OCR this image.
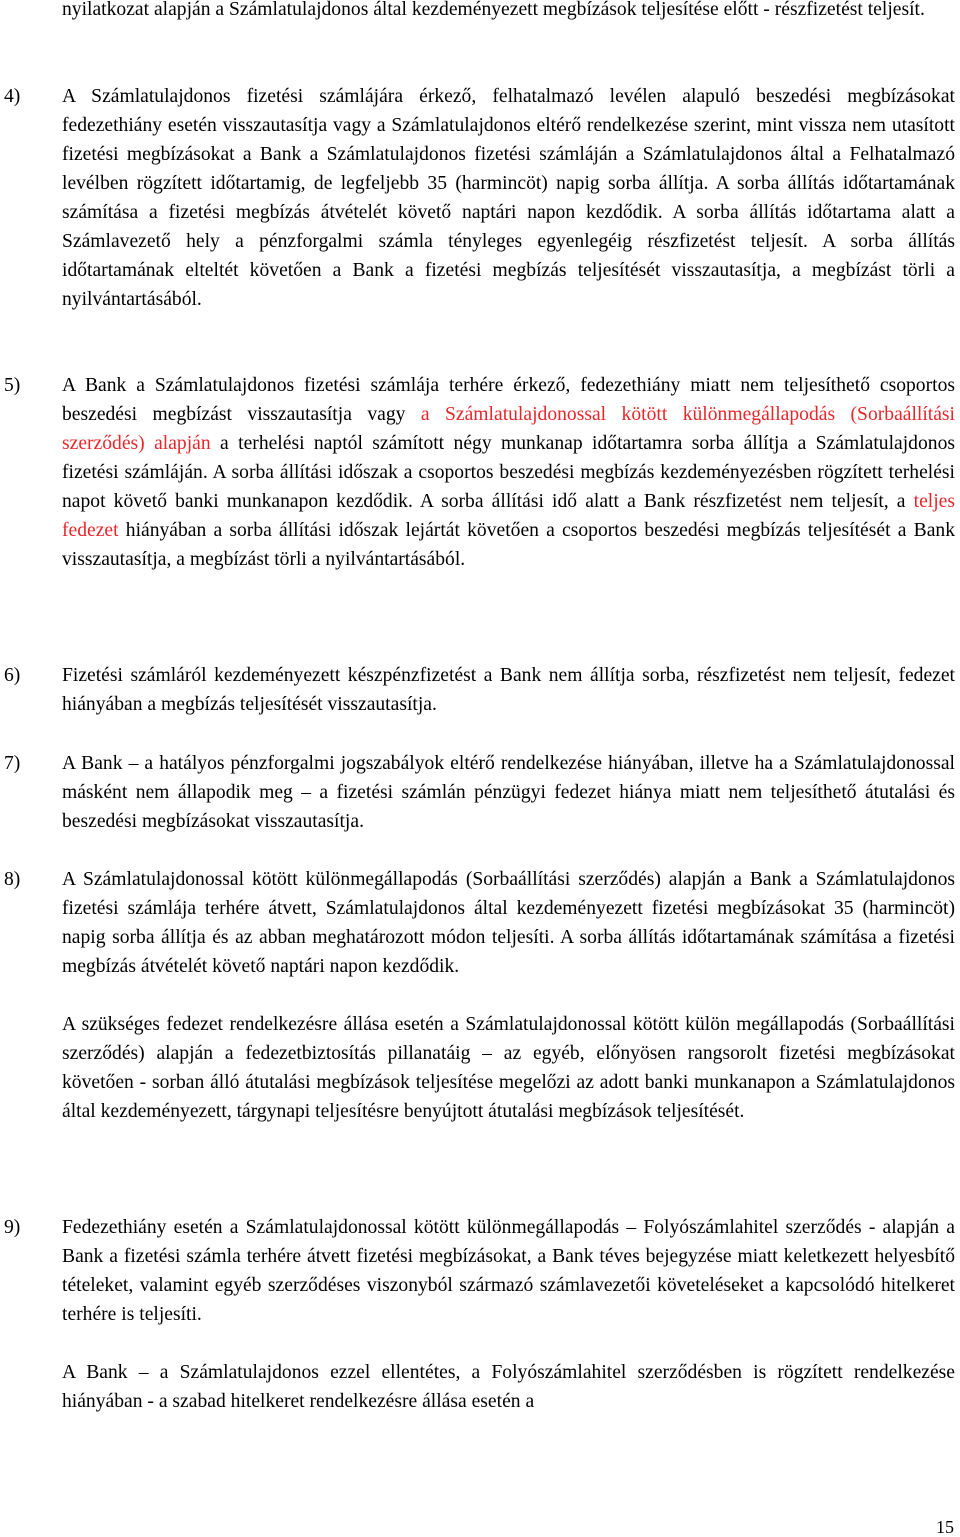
nyilatkozat alapján a Számlatulajdonos által kezdeményezett megbízások teljesítése előtt - részfizetést teljesít.

4)	A Számlatulajdonos fizetési számlájára érkező, felhatalmazó levélen alapuló beszedési megbízásokat fedezethiány esetén visszautasítja vagy a Számlatulajdonos eltérő rendelkezése szerint, mint vissza nem utasított fizetési megbízásokat a Bank a Számlatulajdonos fizetési számláján a Számlatulajdonos által a Felhatalmazó levélben rögzített időtartamig, de legfeljebb 35 (harmincöt) napig sorba állítja. A sorba állítás időtartamának számítása a fizetési megbízás átvételét követő naptári napon kezdődik. A sorba állítás időtartama alatt a Számlavezető hely a pénzforgalmi számla tényleges egyenlegéig részfizetést teljesít. A sorba állítás időtartamának elteltét követően a Bank a fizetési megbízás teljesítését visszautasítja, a megbízást törli a nyilvántartásából.

5)	A Bank a Számlatulajdonos fizetési számlája terhére érkező, fedezethiány miatt nem teljesíthető csoportos beszedési megbízást visszautasítja vagy a Számlatulajdonossal kötött különmegállapodás (Sorbaállítási szerződés) alapján a terhelési naptól számított négy munkanap időtartamra sorba állítja a Számlatulajdonos fizetési számláján. A sorba állítási időszak a csoportos beszedési megbízás kezdeményezésben rögzített terhelési napot követő banki munkanapon kezdődik. A sorba állítási idő alatt a Bank részfizetést nem teljesít, a teljes fedezet hiányában a sorba állítási időszak lejártát követően a csoportos beszedési megbízás teljesítését a Bank visszautasítja, a megbízást törli a nyilvántartásából.

6)	Fizetési számláról kezdeményezett készpénzfizetést a Bank nem állítja sorba, részfizetést nem teljesít, fedezet hiányában a megbízás teljesítését visszautasítja.

7)	A Bank – a hatályos pénzforgalmi jogszabályok eltérő rendelkezése hiányában, illetve ha a Számlatulajdonossal másként nem állapodik meg – a fizetési számlán pénzügyi fedezet hiánya miatt nem teljesíthető átutalási és beszedési megbízásokat visszautasítja.

8)	A Számlatulajdonossal kötött különmegállapodás (Sorbaállítási szerződés) alapján a Bank a Számlatulajdonos fizetési számlája terhére átvett, Számlatulajdonos által kezdeményezett fizetési megbízásokat 35 (harmincöt) napig sorba állítja és az abban meghatározott módon teljesíti. A sorba állítás időtartamának számítása a fizetési megbízás átvételét követő naptári napon kezdődik.

A szükséges fedezet rendelkezésre állása esetén a Számlatulajdonossal kötött külön megállapodás (Sorbaállítási szerződés) alapján a fedezetbiztosítás pillanatáig – az egyéb, előnyösen rangsorolt fizetési megbízásokat követően - sorban álló átutalási megbízások teljesítése megelőzi az adott banki munkanapon a Számlatulajdonos által kezdeményezett, tárgynapi teljesítésre benyújtott átutalási megbízások teljesítését.

9)	Fedezethiány esetén a Számlatulajdonossal kötött különmegállapodás – Folyószámlahitel szerződés - alapján a Bank a fizetési számla terhére átvett fizetési megbízásokat, a Bank téves bejegyzése miatt keletkezett helyesbítő tételeket, valamint egyéb szerződéses viszonyból származó számlavezetői követeléseket a kapcsolódó hitelkeret terhére is teljesíti.

A Bank – a Számlatulajdonos ezzel ellentétes, a Folyószámlahitel szerződésben is rögzített rendelkezése hiányában - a szabad hitelkeret rendelkezésre állása esetén a

15
